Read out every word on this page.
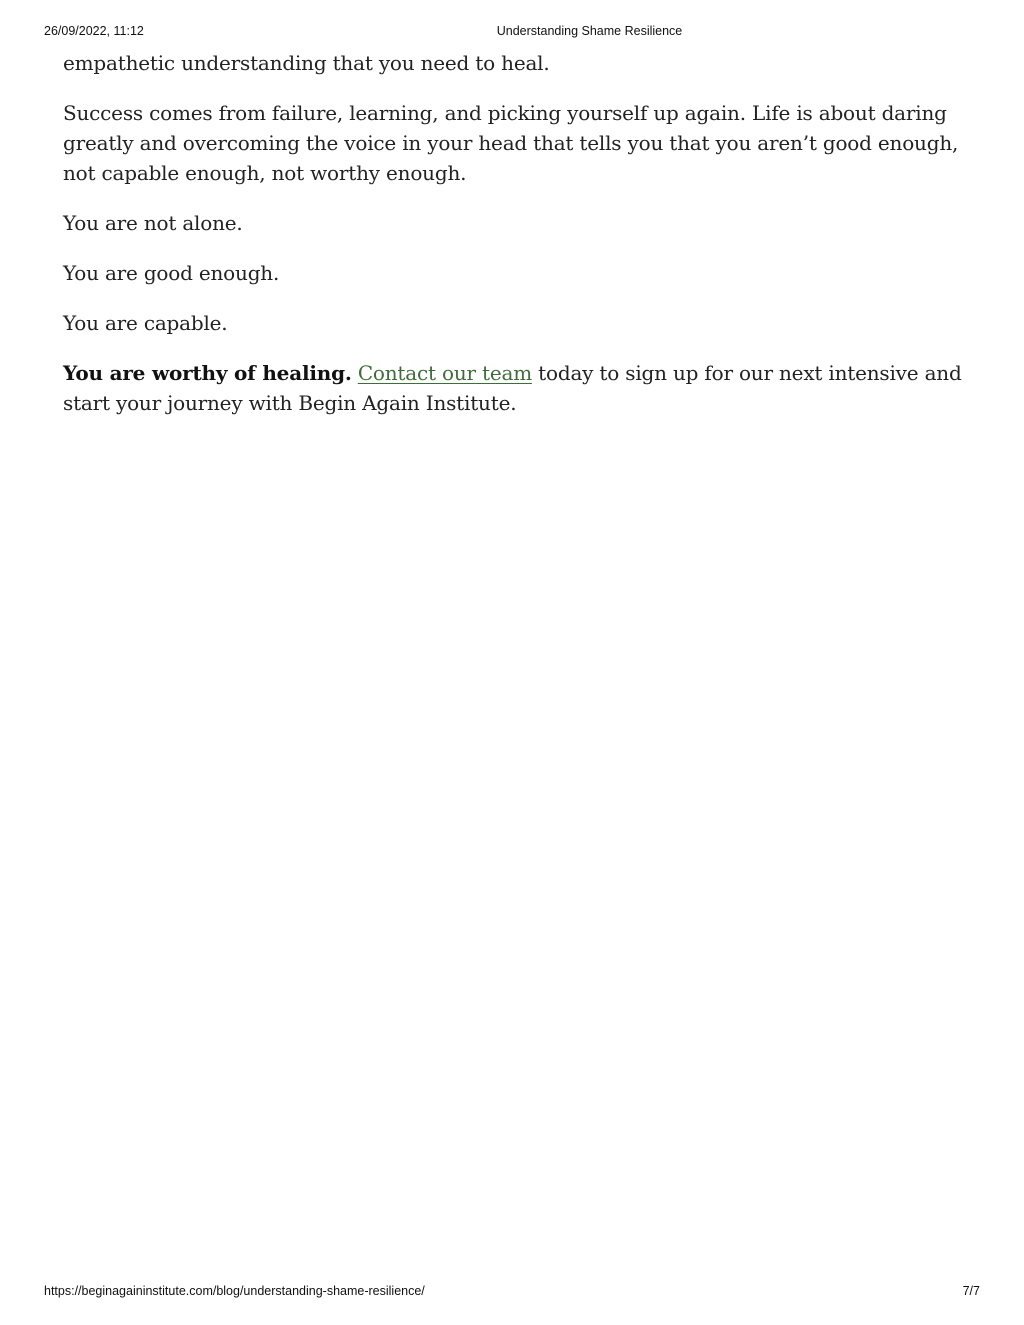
26/09/2022, 11:12	Understanding Shame Resilience

empathetic understanding that you need to heal.

Success comes from failure, learning, and picking yourself up again. Life is about daring greatly and overcoming the voice in your head that tells you that you aren’t good enough, not capable enough, not worthy enough.

You are not alone.

You are good enough.

You are capable.

You are worthy of healing. Contact our team today to sign up for our next intensive and start your journey with Begin Again Institute.

https://beginagaininstitute.com/blog/understanding-shame-resilience/	7/7
